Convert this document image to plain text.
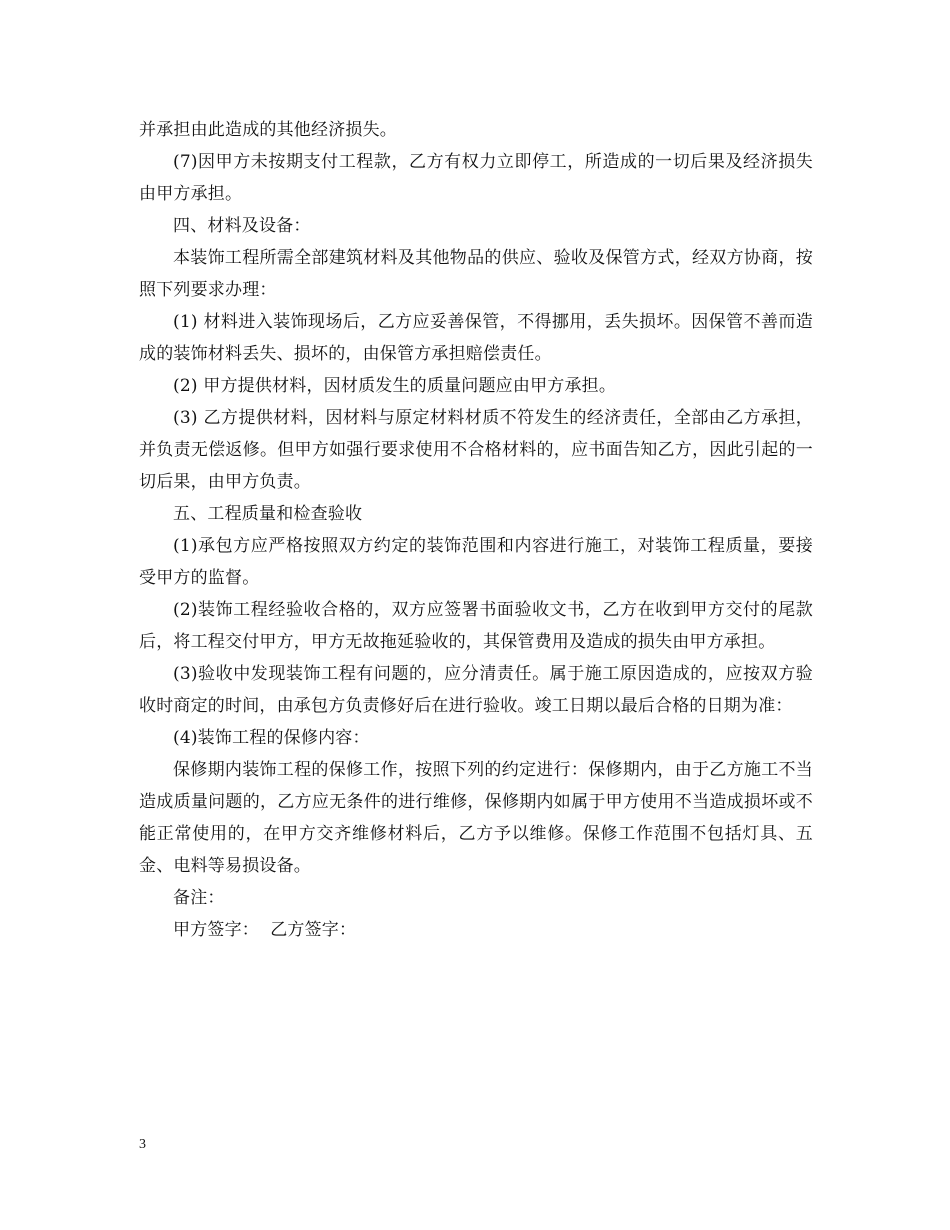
并承担由此造成的其他经济损失。

(7)因甲方未按期支付工程款，乙方有权力立即停工，所造成的一切后果及经济损失由甲方承担。

四、材料及设备：

本装饰工程所需全部建筑材料及其他物品的供应、验收及保管方式，经双方协商，按照下列要求办理：

(1) 材料进入装饰现场后，乙方应妥善保管，不得挪用，丢失损坏。因保管不善而造成的装饰材料丢失、损坏的，由保管方承担赔偿责任。

(2) 甲方提供材料，因材质发生的质量问题应由甲方承担。

(3) 乙方提供材料，因材料与原定材料材质不符发生的经济责任，全部由乙方承担，并负责无偿返修。但甲方如强行要求使用不合格材料的，应书面告知乙方，因此引起的一切后果，由甲方负责。

五、工程质量和检查验收

(1)承包方应严格按照双方约定的装饰范围和内容进行施工，对装饰工程质量，要接受甲方的监督。

(2)装饰工程经验收合格的，双方应签署书面验收文书，乙方在收到甲方交付的尾款后，将工程交付甲方，甲方无故拖延验收的，其保管费用及造成的损失由甲方承担。

(3)验收中发现装饰工程有问题的，应分清责任。属于施工原因造成的，应按双方验收时商定的时间，由承包方负责修好后在进行验收。竣工日期以最后合格的日期为准：

(4)装饰工程的保修内容：

保修期内装饰工程的保修工作，按照下列的约定进行：保修期内，由于乙方施工不当造成质量问题的，乙方应无条件的进行维修，保修期内如属于甲方使用不当造成损坏或不能正常使用的，在甲方交齐维修材料后，乙方予以维修。保修工作范围不包括灯具、五金、电料等易损设备。

备注：

甲方签字：  乙方签字：

3
